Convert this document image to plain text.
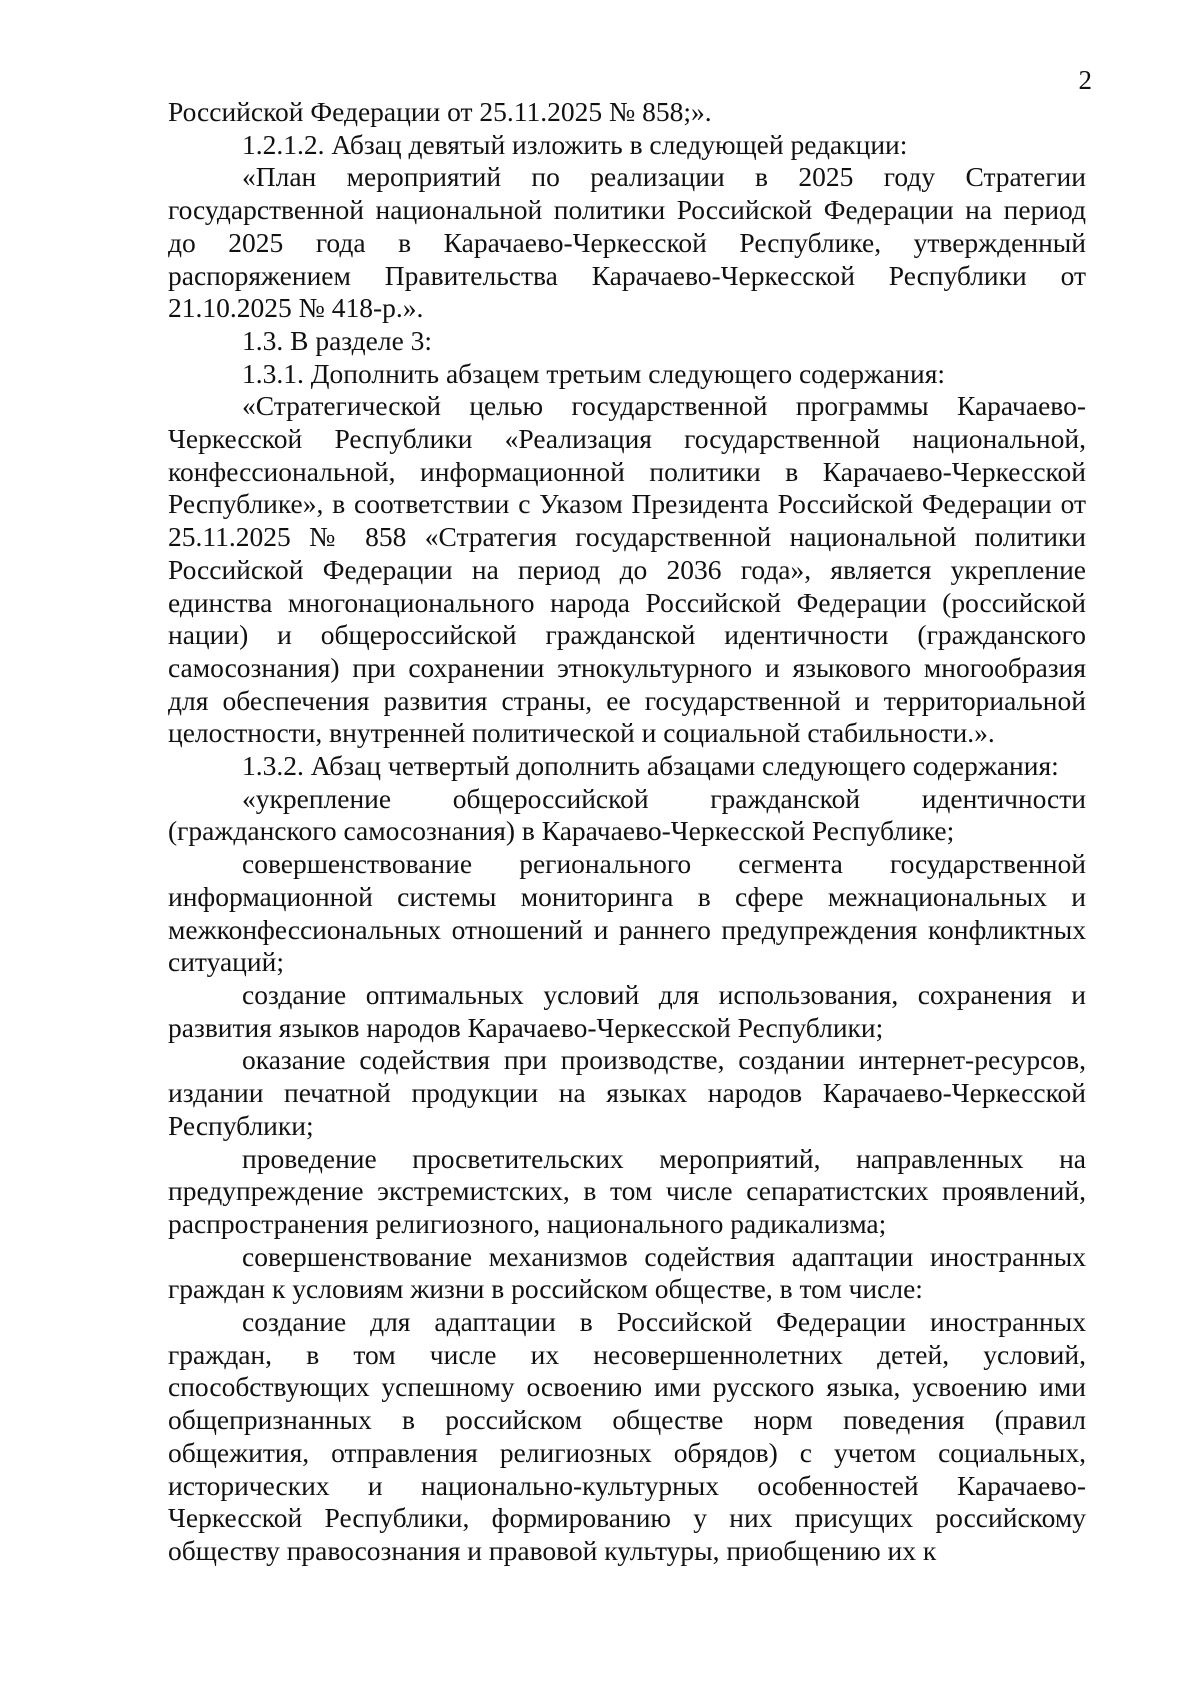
2

Российской Федерации от 25.11.2025 № 858;».

1.2.1.2. Абзац девятый изложить в следующей редакции:

«План мероприятий по реализации в 2025 году Стратегии государственной национальной политики Российской Федерации на период до 2025 года в Карачаево-Черкесской Республике, утвержденный распоряжением Правительства Карачаево-Черкесской Республики от 21.10.2025 № 418-р.».

1.3. В разделе 3:

1.3.1. Дополнить абзацем третьим следующего содержания:

«Стратегической целью государственной программы Карачаево-Черкесской Республики «Реализация государственной национальной, конфессиональной, информационной политики в Карачаево-Черкесской Республике», в соответствии с Указом Президента Российской Федерации от 25.11.2025 № 858 «Стратегия государственной национальной политики Российской Федерации на период до 2036 года», является укрепление единства многонационального народа Российской Федерации (российской нации) и общероссийской гражданской идентичности (гражданского самосознания) при сохранении этнокультурного и языкового многообразия для обеспечения развития страны, ее государственной и территориальной целостности, внутренней политической и социальной стабильности.».

1.3.2. Абзац четвертый дополнить абзацами следующего содержания:

«укрепление общероссийской гражданской идентичности (гражданского самосознания) в Карачаево-Черкесской Республике;

совершенствование регионального сегмента государственной информационной системы мониторинга в сфере межнациональных и межконфессиональных отношений и раннего предупреждения конфликтных ситуаций;

создание оптимальных условий для использования, сохранения и развития языков народов Карачаево-Черкесской Республики;

оказание содействия при производстве, создании интернет-ресурсов, издании печатной продукции на языках народов Карачаево-Черкесской Республики;

проведение просветительских мероприятий, направленных на предупреждение экстремистских, в том числе сепаратистских проявлений, распространения религиозного, национального радикализма;

совершенствование механизмов содействия адаптации иностранных граждан к условиям жизни в российском обществе, в том числе:

создание для адаптации в Российской Федерации иностранных граждан, в том числе их несовершеннолетних детей, условий, способствующих успешному освоению ими русского языка, усвоению ими общепризнанных в российском обществе норм поведения (правил общежития, отправления религиозных обрядов) с учетом социальных, исторических и национально-культурных особенностей Карачаево-Черкесской Республики, формированию у них присущих российскому обществу правосознания и правовой культуры, приобщению их к
